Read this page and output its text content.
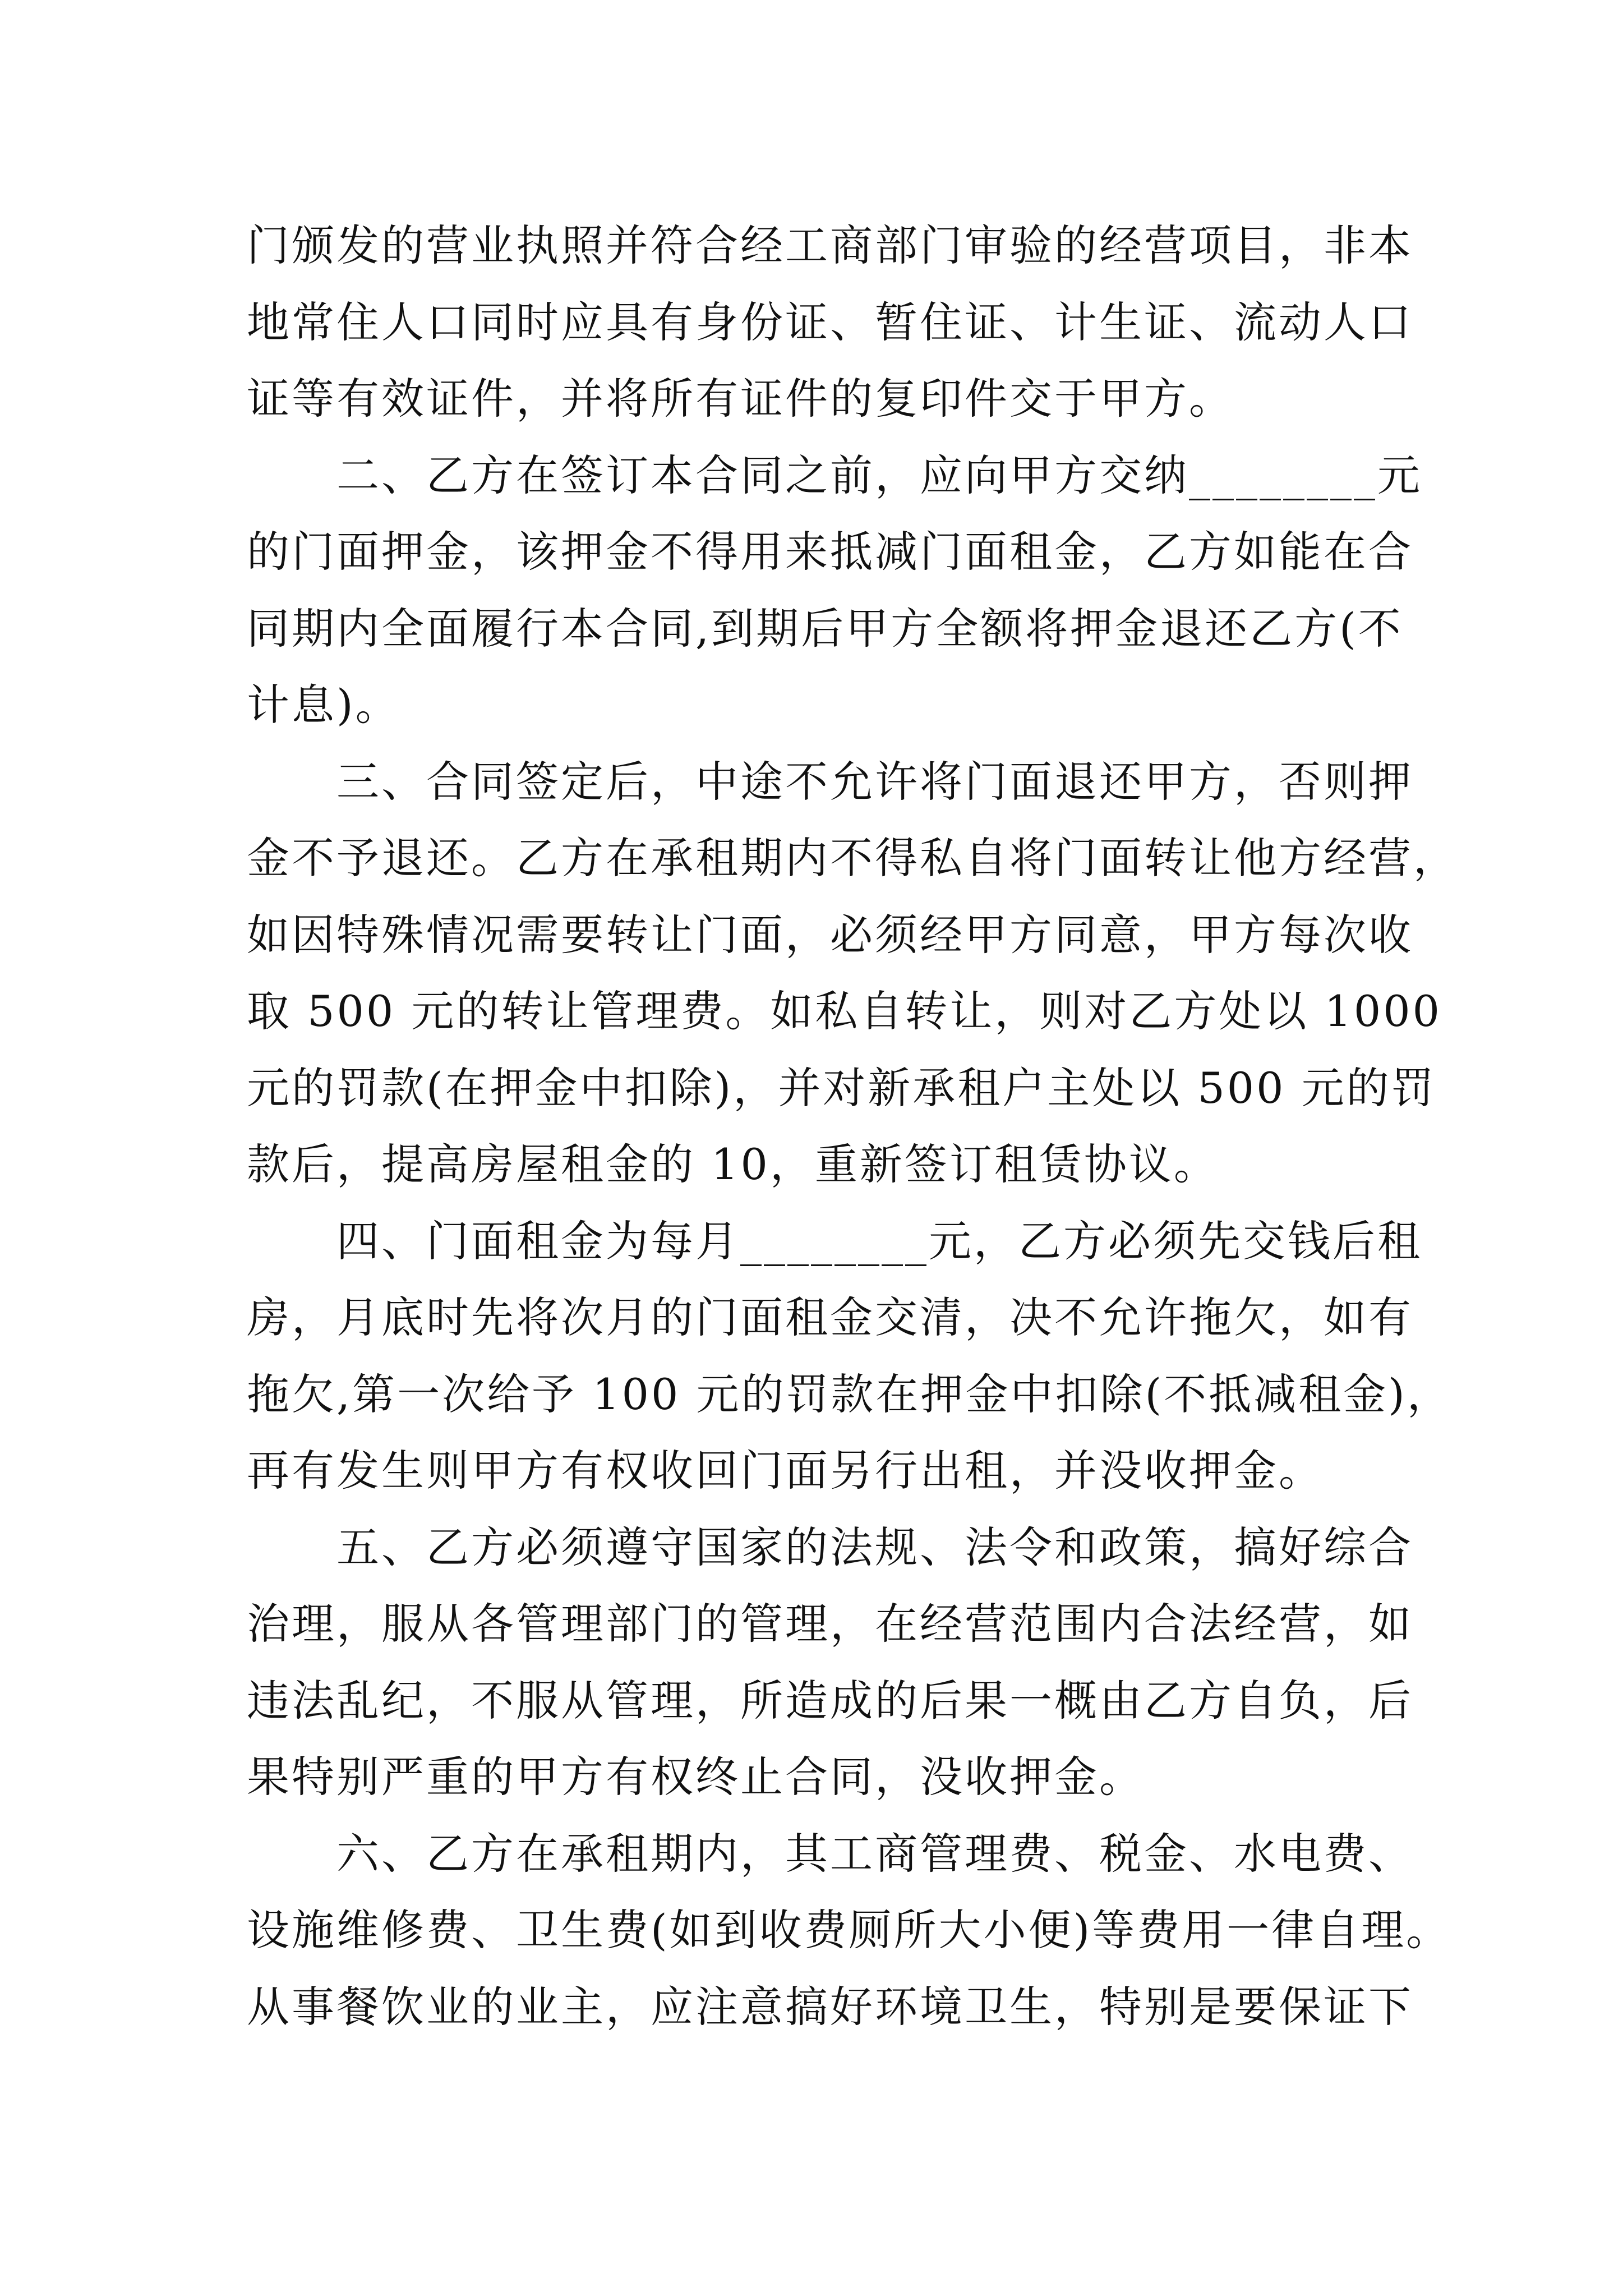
门颁发的营业执照并符合经工商部门审验的经营项目，非本
地常住人口同时应具有身份证、暂住证、计生证、流动人口
证等有效证件，并将所有证件的复印件交于甲方。
　　二、乙方在签订本合同之前，应向甲方交纳________元
的门面押金，该押金不得用来抵减门面租金，乙方如能在合
同期内全面履行本合同,到期后甲方全额将押金退还乙方(不
计息)。
　　三、合同签定后，中途不允许将门面退还甲方，否则押
金不予退还。乙方在承租期内不得私自将门面转让他方经营，
如因特殊情况需要转让门面，必须经甲方同意，甲方每次收
取 500 元的转让管理费。如私自转让，则对乙方处以 1000
元的罚款(在押金中扣除)，并对新承租户主处以 500 元的罚
款后，提高房屋租金的 10，重新签订租赁协议。
　　四、门面租金为每月________元，乙方必须先交钱后租
房，月底时先将次月的门面租金交清，决不允许拖欠，如有
拖欠,第一次给予 100 元的罚款在押金中扣除(不抵减租金)，
再有发生则甲方有权收回门面另行出租，并没收押金。
　　五、乙方必须遵守国家的法规、法令和政策，搞好综合
治理，服从各管理部门的管理，在经营范围内合法经营，如
违法乱纪，不服从管理，所造成的后果一概由乙方自负，后
果特别严重的甲方有权终止合同，没收押金。
　　六、乙方在承租期内，其工商管理费、税金、水电费、
设施维修费、卫生费(如到收费厕所大小便)等费用一律自理。
从事餐饮业的业主，应注意搞好环境卫生，特别是要保证下
